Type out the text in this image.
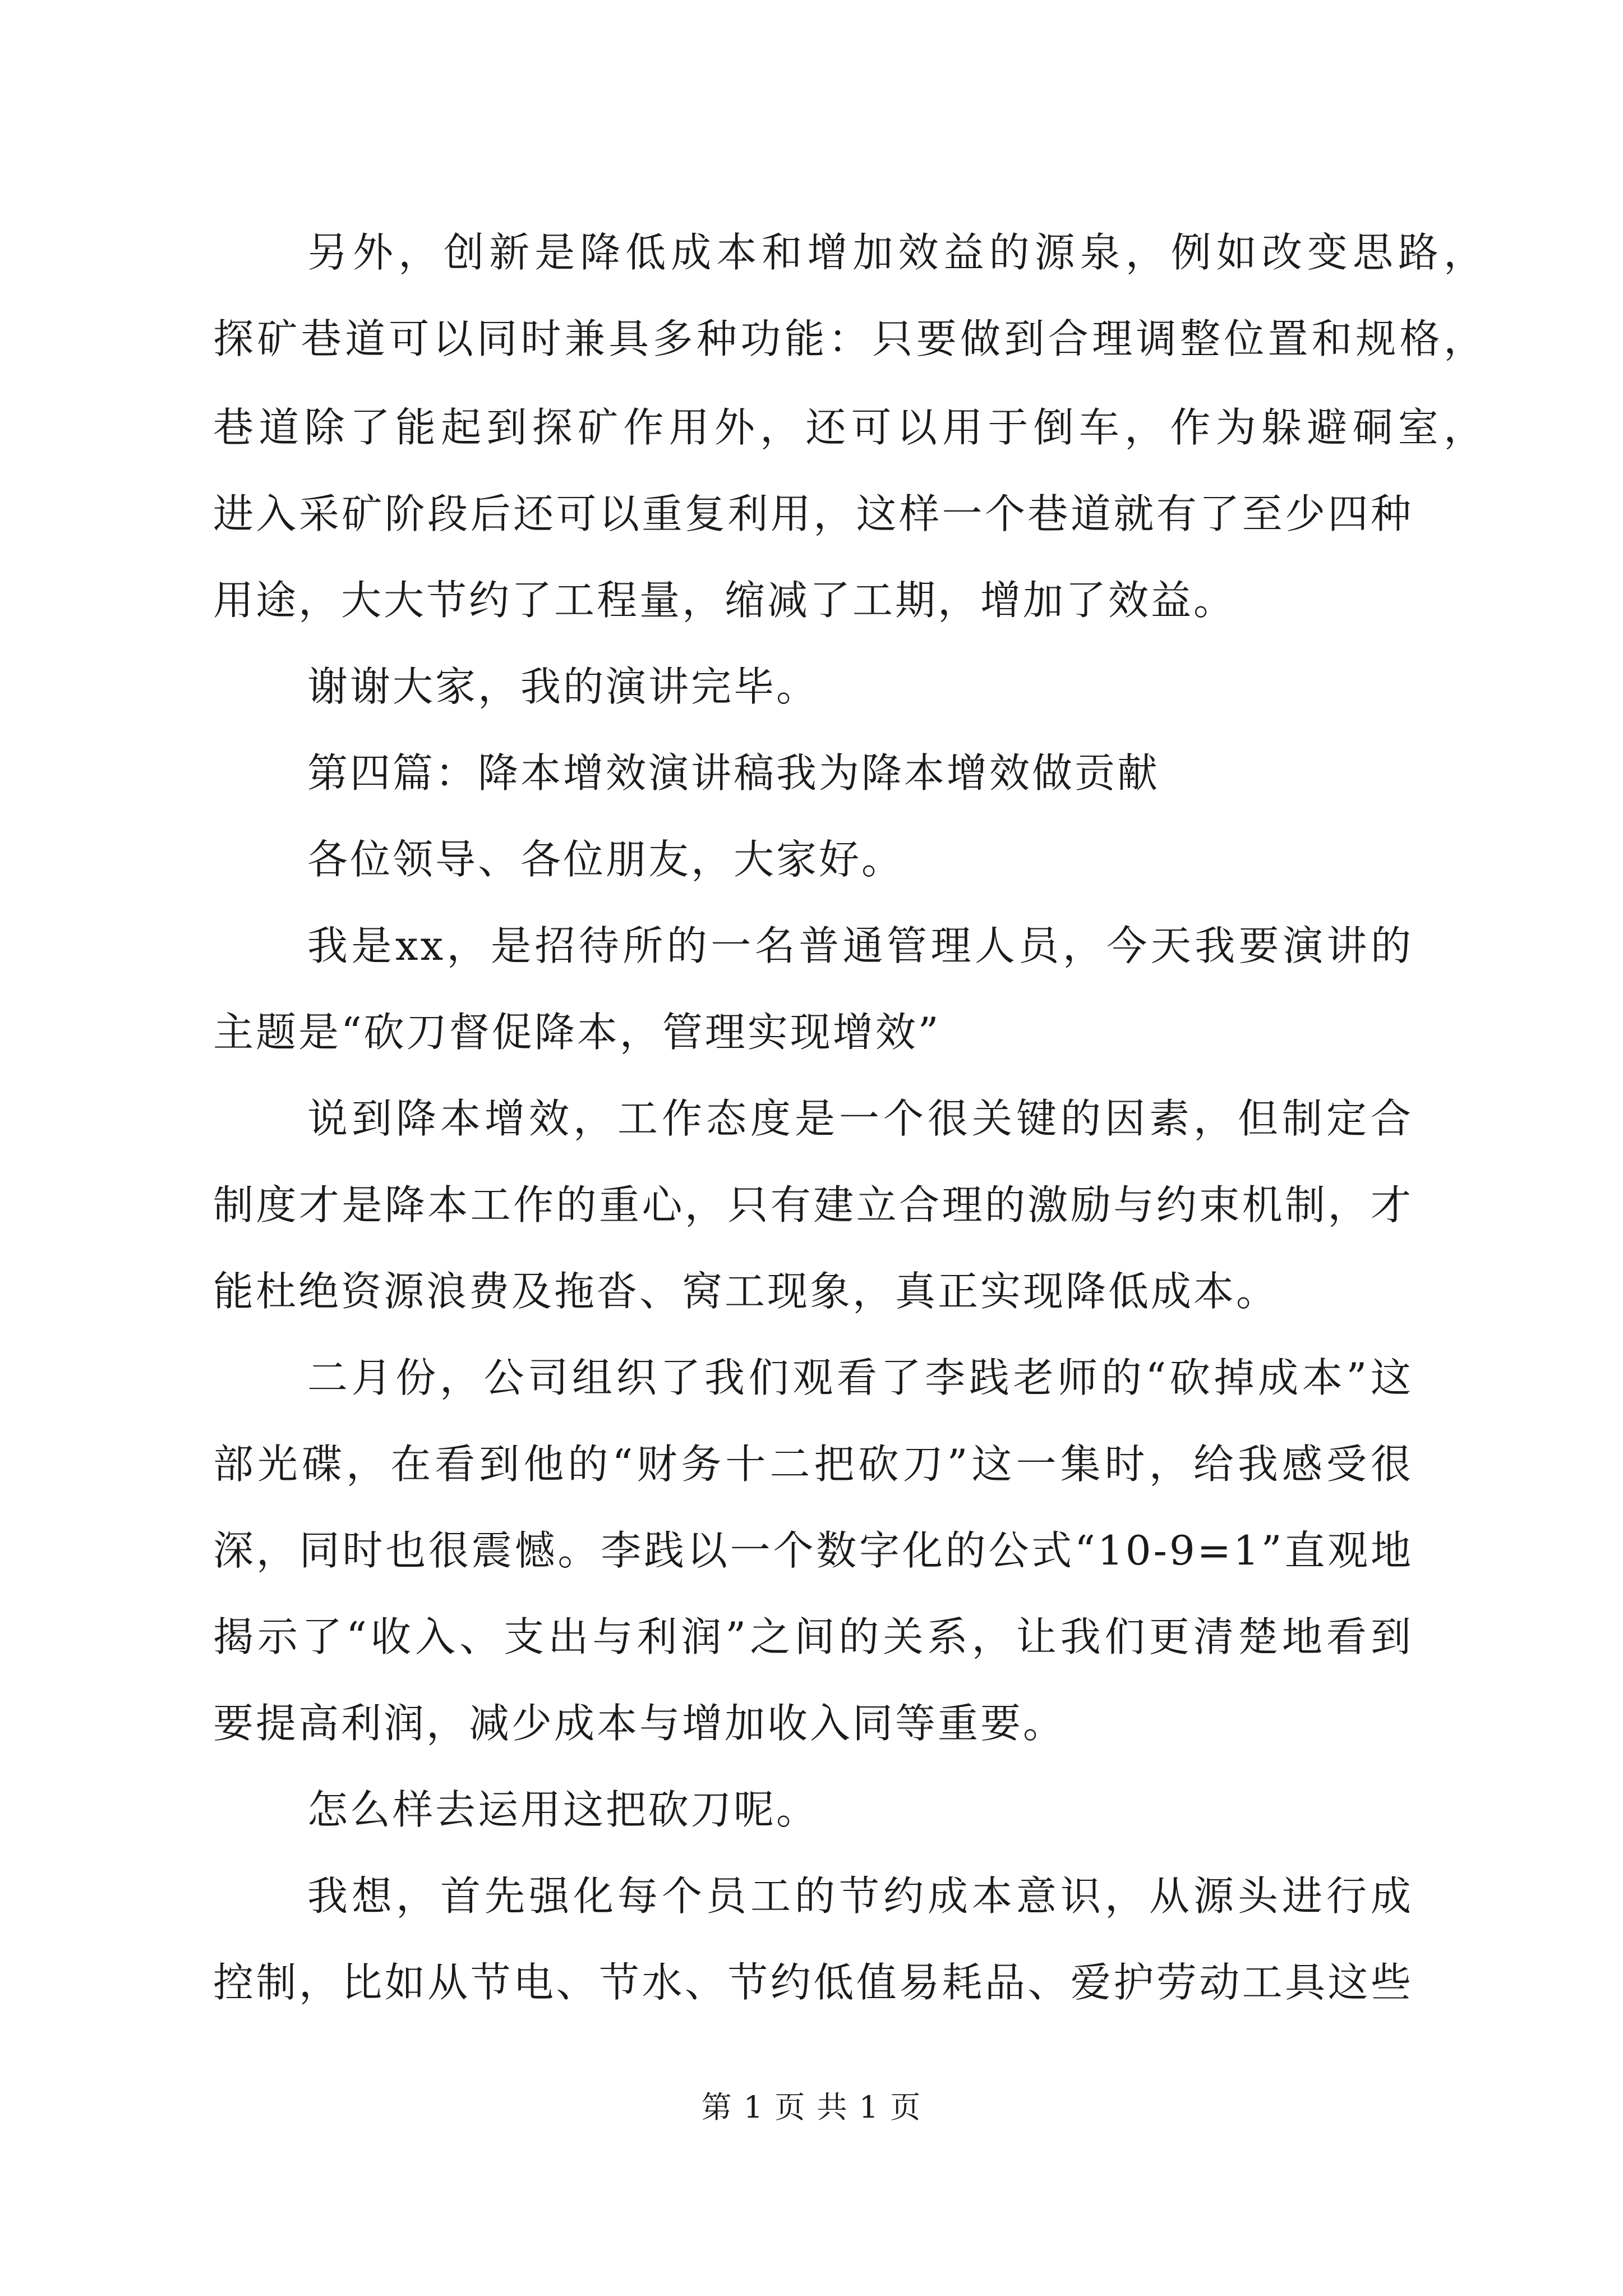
另外，创新是降低成本和增加效益的源泉，例如改变思路，
探矿巷道可以同时兼具多种功能：只要做到合理调整位置和规格，
巷道除了能起到探矿作用外，还可以用于倒车，作为躲避硐室，
进入采矿阶段后还可以重复利用，这样一个巷道就有了至少四种
用途，大大节约了工程量，缩减了工期，增加了效益。
谢谢大家，我的演讲完毕。
第四篇：降本增效演讲稿我为降本增效做贡献
各位领导、各位朋友，大家好。
我是xx，是招待所的一名普通管理人员，今天我要演讲的
主题是“砍刀督促降本，管理实现增效”
说到降本增效，工作态度是一个很关键的因素，但制定合
制度才是降本工作的重心，只有建立合理的激励与约束机制，才
能杜绝资源浪费及拖沓、窝工现象，真正实现降低成本。
二月份，公司组织了我们观看了李践老师的“砍掉成本”这
部光碟，在看到他的“财务十二把砍刀”这一集时，给我感受很
深，同时也很震憾。李践以一个数字化的公式“10-9=1”直观地
揭示了“收入、支出与利润”之间的关系，让我们更清楚地看到
要提高利润，减少成本与增加收入同等重要。
怎么样去运用这把砍刀呢。
我想，首先强化每个员工的节约成本意识，从源头进行成
控制，比如从节电、节水、节约低值易耗品、爱护劳动工具这些
第 1 页 共 1 页
